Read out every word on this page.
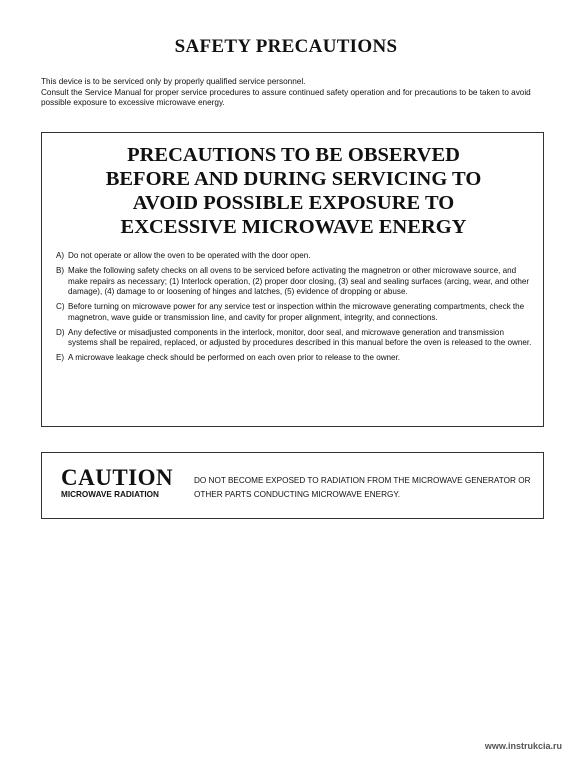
SAFETY PRECAUTIONS

This device is to be serviced only by properly qualified service personnel.

Consult the Service Manual for proper service procedures to assure continued safety operation and for precautions to be taken to avoid possible exposure to excessive microwave energy.

PRECAUTIONS TO BE OBSERVED
BEFORE AND DURING SERVICING TO
AVOID POSSIBLE EXPOSURE TO
EXCESSIVE MICROWAVE ENERGY
A) Do not operate or allow the oven to be operated with the door open.
B) Make the following safety checks on all ovens to be serviced before activating the magnetron or other microwave source, and make repairs as necessary; (1) Interlock operation, (2) proper door closing, (3) seal and sealing surfaces (arcing, wear, and other damage), (4) damage to or loosening of hinges and latches, (5) evidence of dropping or abuse.
C) Before turning on microwave power for any service test or inspection within the microwave generating compartments, check the magnetron, wave guide or transmission line, and cavity for proper alignment, integrity, and connections.
D) Any defective or misadjusted components in the interlock, monitor, door seal, and microwave generation and transmission systems shall be repaired, replaced, or adjusted by procedures described in this manual before the oven is released to the owner.
E) A microwave leakage check should be performed on each oven prior to release to the owner.
CAUTION
MICROWAVE RADIATION
DO NOT BECOME EXPOSED TO RADIATION FROM THE MICROWAVE GENERATOR OR OTHER PARTS CONDUCTING MICROWAVE ENERGY.
www.instrukcia.ru
